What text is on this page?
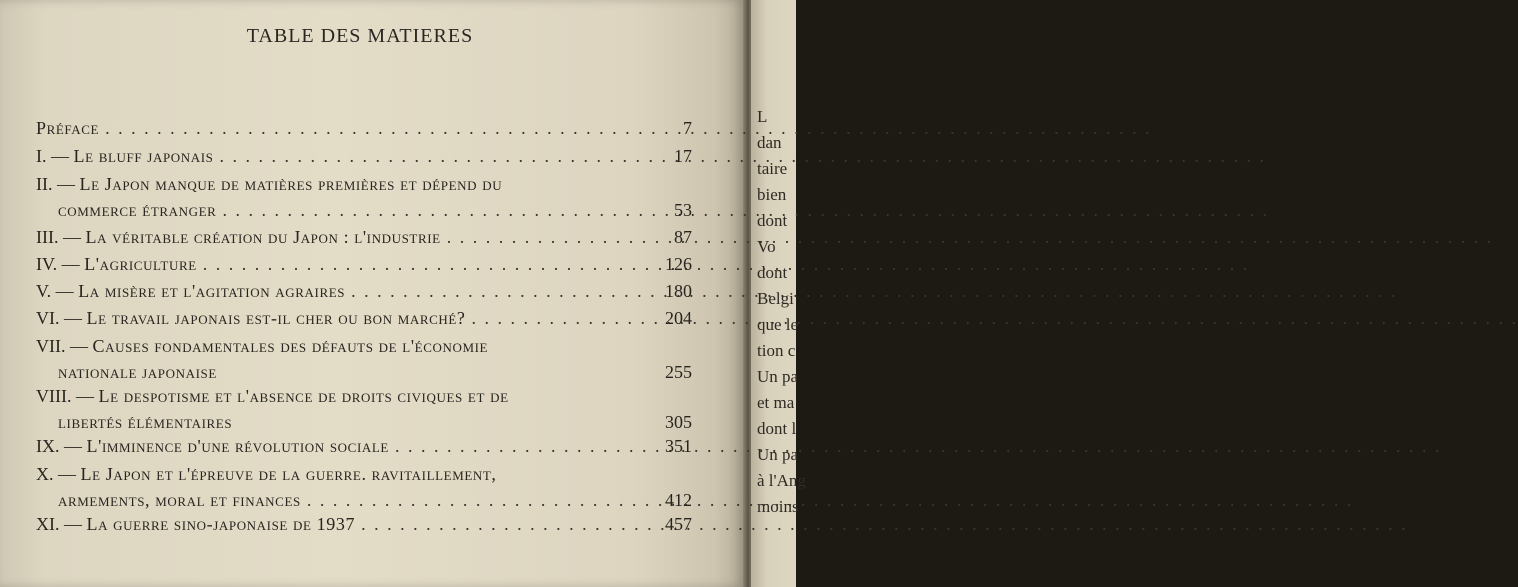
L
dan
taire
bien
dont
Vo
dont
Belgi
que le
tion c
Un pa
et ma
dont l
Un pa
à l'Ang
moins
TABLE DES MATIERES
Préface . . .	7
I. —
Le bluff japonais . . .	17
II. —
Le Japon manque de matières premières et dépend du
commerce étranger . . .	53
III. —
La véritable création du Japon : l'industrie . . .	87
IV. —
L'agriculture . . .	126
V. —
La misère et l'agitation agraires . . .	180
VI. —
Le travail japonais est-il cher ou bon marché? . . .	204
VII. —
Causes fondamentales des défauts de l'économie
nationale japonaise	255
VIII. —
Le despotisme et l'absence de droits civiques et de
libertés élémentaires	305
IX. —
L'imminence d'une révolution sociale . . .	351
X. —
Le Japon et l'épreuve de la guerre. ravitaillement,
armements, moral et finances . . .	412
XI. —
La guerre sino-japonaise de 1937 . . .	457
